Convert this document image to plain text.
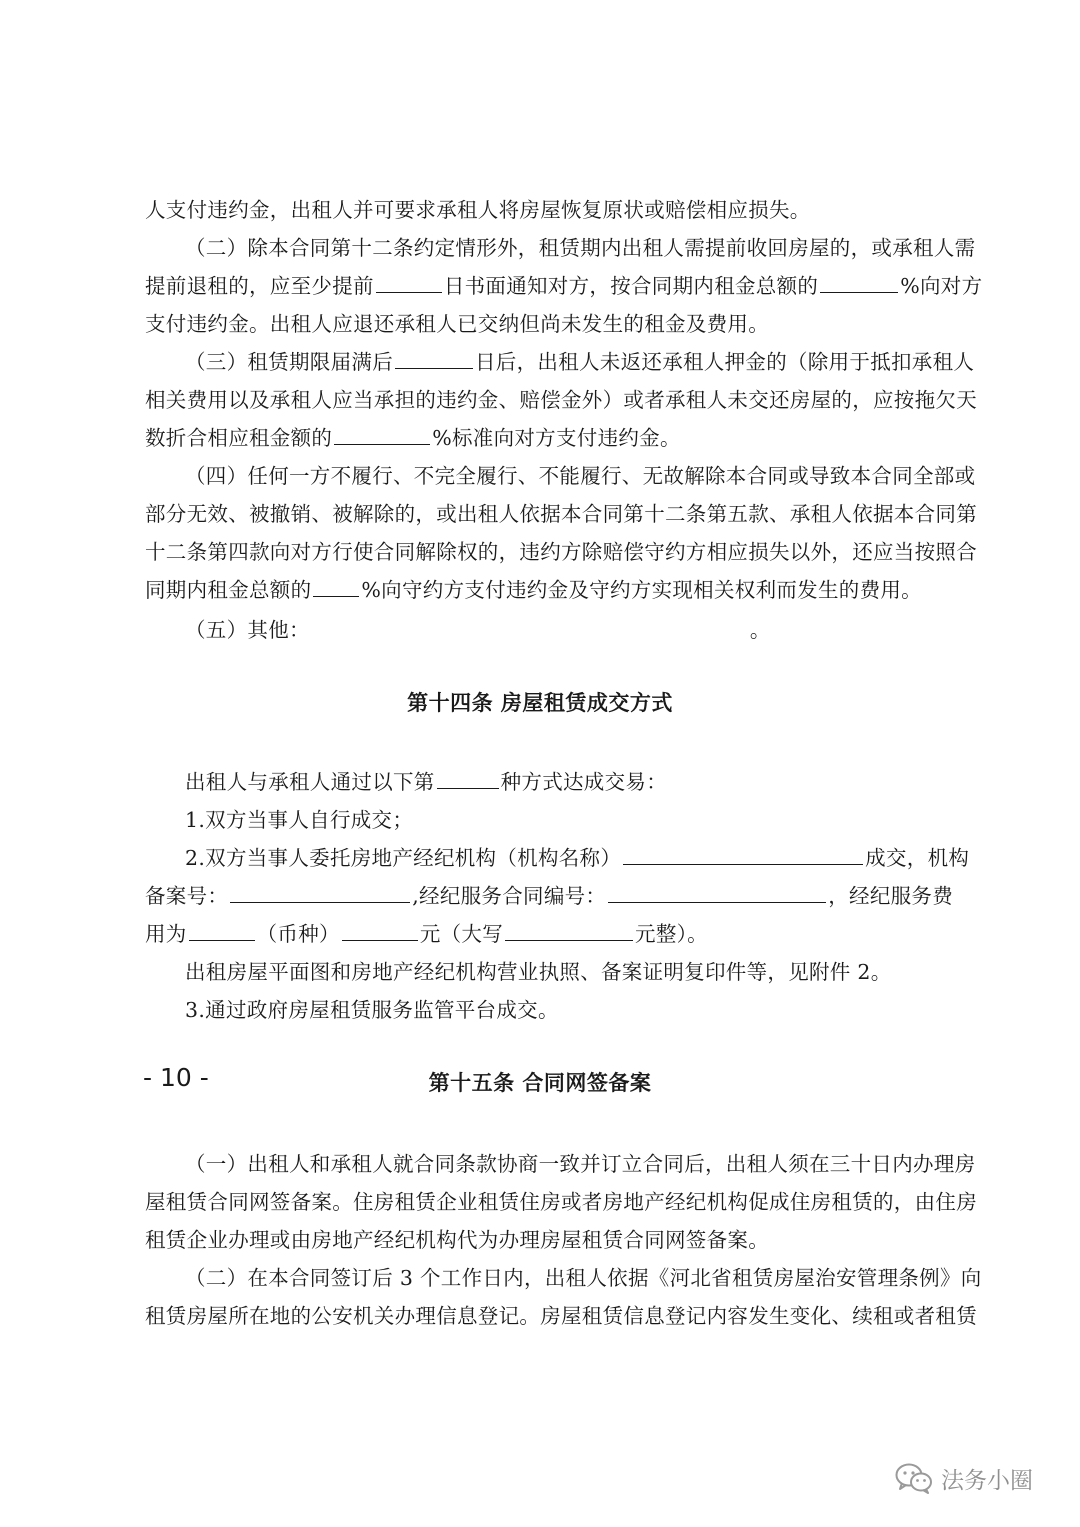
人支付违约金，出租人并可要求承租人将房屋恢复原状或赔偿相应损失。
（二）除本合同第十二条约定情形外，租赁期内出租人需提前收回房屋的，或承租人需
提前退租的，应至少提前	日书面通知对方，按合同期内租金总额的	%向对方
支付违约金。出租人应退还承租人已交纳但尚未发生的租金及费用。
（三）租赁期限届满后	日后，出租人未返还承租人押金的（除用于抵扣承租人
相关费用以及承租人应当承担的违约金、赔偿金外）或者承租人未交还房屋的，应按拖欠天
数折合相应租金额的	%标准向对方支付违约金。
（四）任何一方不履行、不完全履行、不能履行、无故解除本合同或导致本合同全部或
部分无效、被撤销、被解除的，或出租人依据本合同第十二条第五款、承租人依据本合同第
十二条第四款向对方行使合同解除权的，违约方除赔偿守约方相应损失以外，还应当按照合
同期内租金总额的 %向守约方支付违约金及守约方实现相关权利而发生的费用。
（五）其他：	。
第十四条 房屋租赁成交方式
出租人与承租人通过以下第	种方式达成交易：
1.双方当事人自行成交；
2.双方当事人委托房地产经纪机构（机构名称）	成交，机构
备案号：	,经纪服务合同编号：	，经纪服务费
用为	（币种）	元（大写	元整）。
出租房屋平面图和房地产经纪机构营业执照、备案证明复印件等，见附件 2。
3.通过政府房屋租赁服务监管平台成交。
第十五条 合同网签备案
（一）出租人和承租人就合同条款协商一致并订立合同后，出租人须在三十日内办理房
屋租赁合同网签备案。住房租赁企业租赁住房或者房地产经纪机构促成住房租赁的，由住房
租赁企业办理或由房地产经纪机构代为办理房屋租赁合同网签备案。
（二）在本合同签订后 3 个工作日内，出租人依据《河北省租赁房屋治安管理条例》向
租赁房屋所在地的公安机关办理信息登记。房屋租赁信息登记内容发生变化、续租或者租赁
- 10 -
法务小圈
